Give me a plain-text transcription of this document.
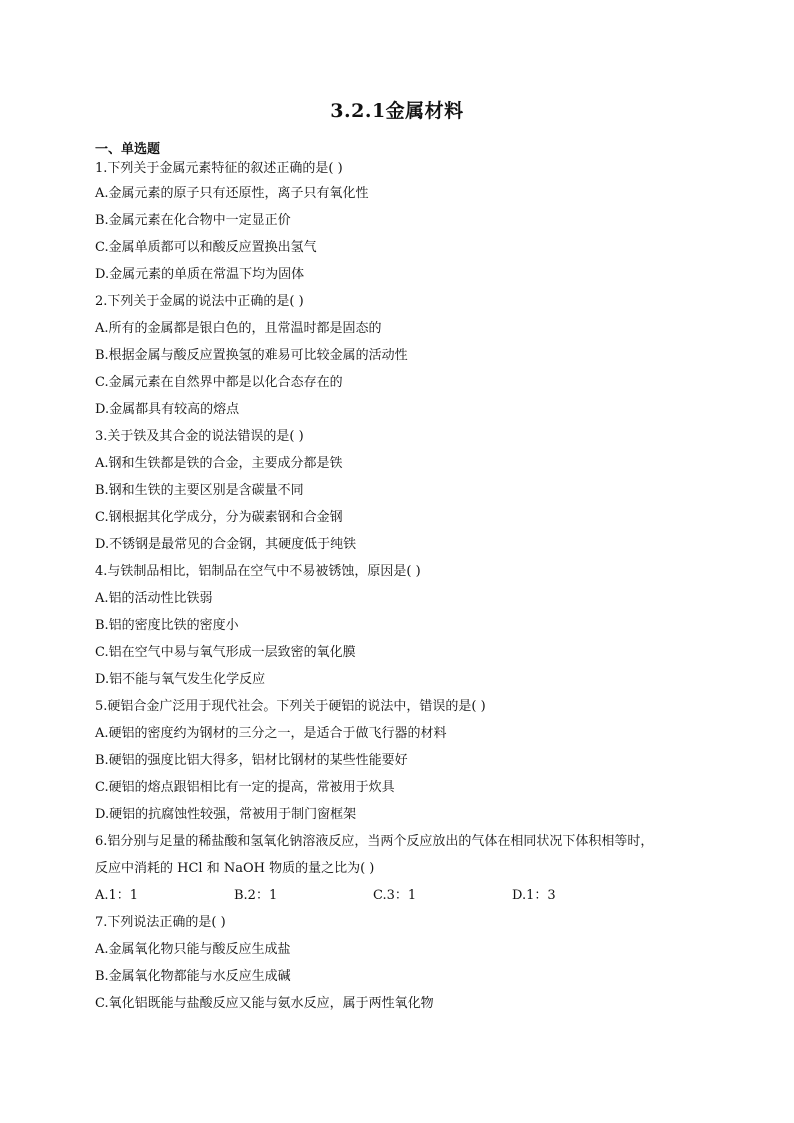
3.2.1金属材料
一、单选题
1.下列关于金属元素特征的叙述正确的是( )
A.金属元素的原子只有还原性，离子只有氧化性
B.金属元素在化合物中一定显正价
C.金属单质都可以和酸反应置换出氢气
D.金属元素的单质在常温下均为固体
2.下列关于金属的说法中正确的是( )
A.所有的金属都是银白色的，且常温时都是固态的
B.根据金属与酸反应置换氢的难易可比较金属的活动性
C.金属元素在自然界中都是以化合态存在的
D.金属都具有较高的熔点
3.关于铁及其合金的说法错误的是( )
A.钢和生铁都是铁的合金，主要成分都是铁
B.钢和生铁的主要区别是含碳量不同
C.钢根据其化学成分，分为碳素钢和合金钢
D.不锈钢是最常见的合金钢，其硬度低于纯铁
4.与铁制品相比，铝制品在空气中不易被锈蚀，原因是( )
A.铝的活动性比铁弱
B.铝的密度比铁的密度小
C.铝在空气中易与氧气形成一层致密的氧化膜
D.铝不能与氧气发生化学反应
5.硬铝合金广泛用于现代社会。下列关于硬铝的说法中，错误的是( )
A.硬铝的密度约为钢材的三分之一，是适合于做飞行器的材料
B.硬铝的强度比铝大得多，铝材比钢材的某些性能要好
C.硬铝的熔点跟铝相比有一定的提高，常被用于炊具
D.硬铝的抗腐蚀性较强，常被用于制门窗框架
6.铝分别与足量的稀盐酸和氢氧化钠溶液反应，当两个反应放出的气体在相同状况下体积相等时，
反应中消耗的 HCl 和 NaOH 物质的量之比为( )
A.1：1	B.2：1	C.3：1	D.1：3
7.下列说法正确的是( )
A.金属氧化物只能与酸反应生成盐
B.金属氧化物都能与水反应生成碱
C.氧化铝既能与盐酸反应又能与氨水反应，属于两性氧化物
